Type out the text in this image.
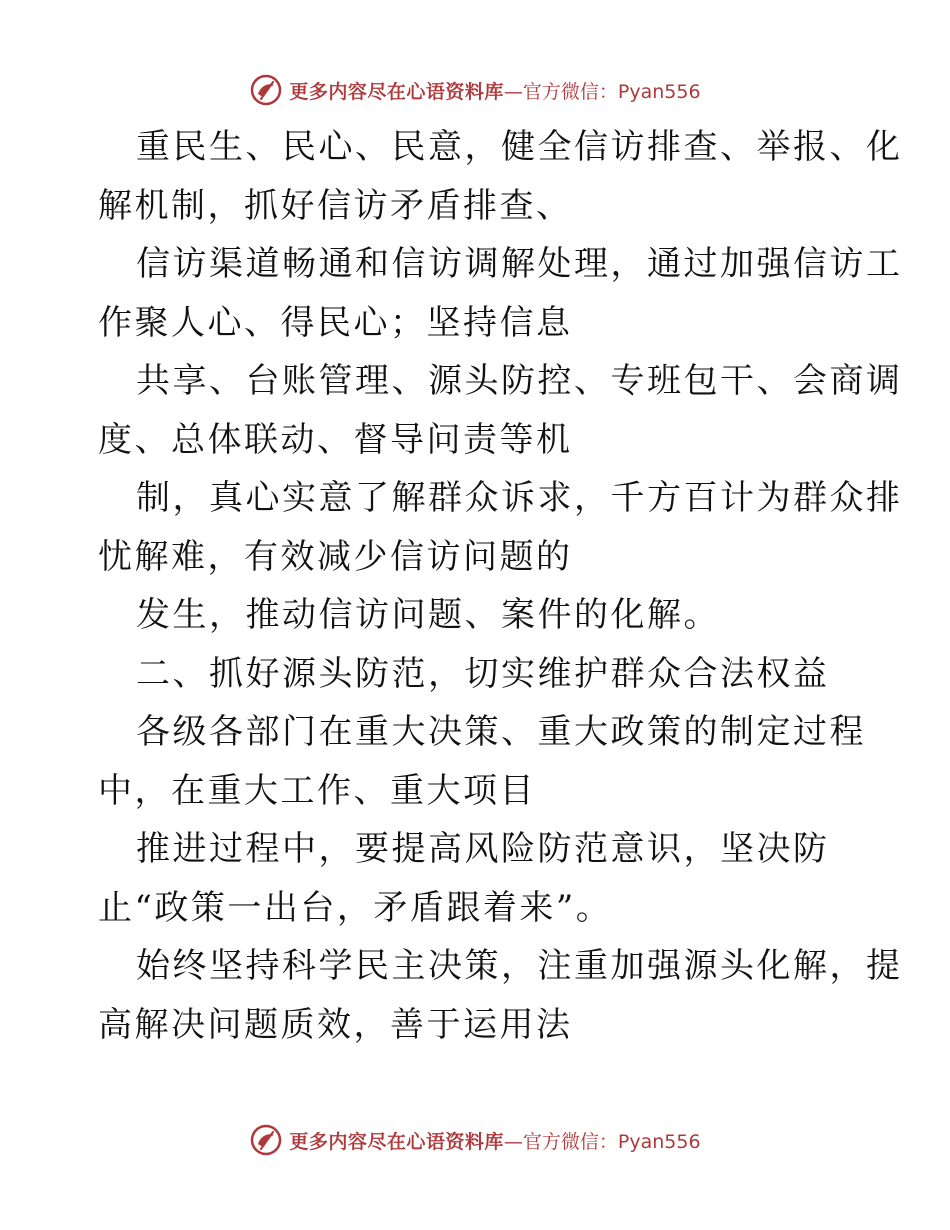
更多内容尽在心语资料库 —官方微信：Pyan556
重民生、民心、民意，健全信访排查、举报、化
解机制，抓好信访矛盾排查、
信访渠道畅通和信访调解处理，通过加强信访工
作聚人心、得民心；坚持信息
共享、台账管理、源头防控、专班包干、会商调
度、总体联动、督导问责等机
制，真心实意了解群众诉求，千方百计为群众排
忧解难，有效减少信访问题的
发生，推动信访问题、案件的化解。
二、抓好源头防范，切实维护群众合法权益
各级各部门在重大决策、重大政策的制定过程
中，在重大工作、重大项目
推进过程中，要提高风险防范意识，坚决防
止“政策一出台，矛盾跟着来”。
始终坚持科学民主决策，注重加强源头化解，提
高解决问题质效，善于运用法
更多内容尽在心语资料库 —官方微信：Pyan556
